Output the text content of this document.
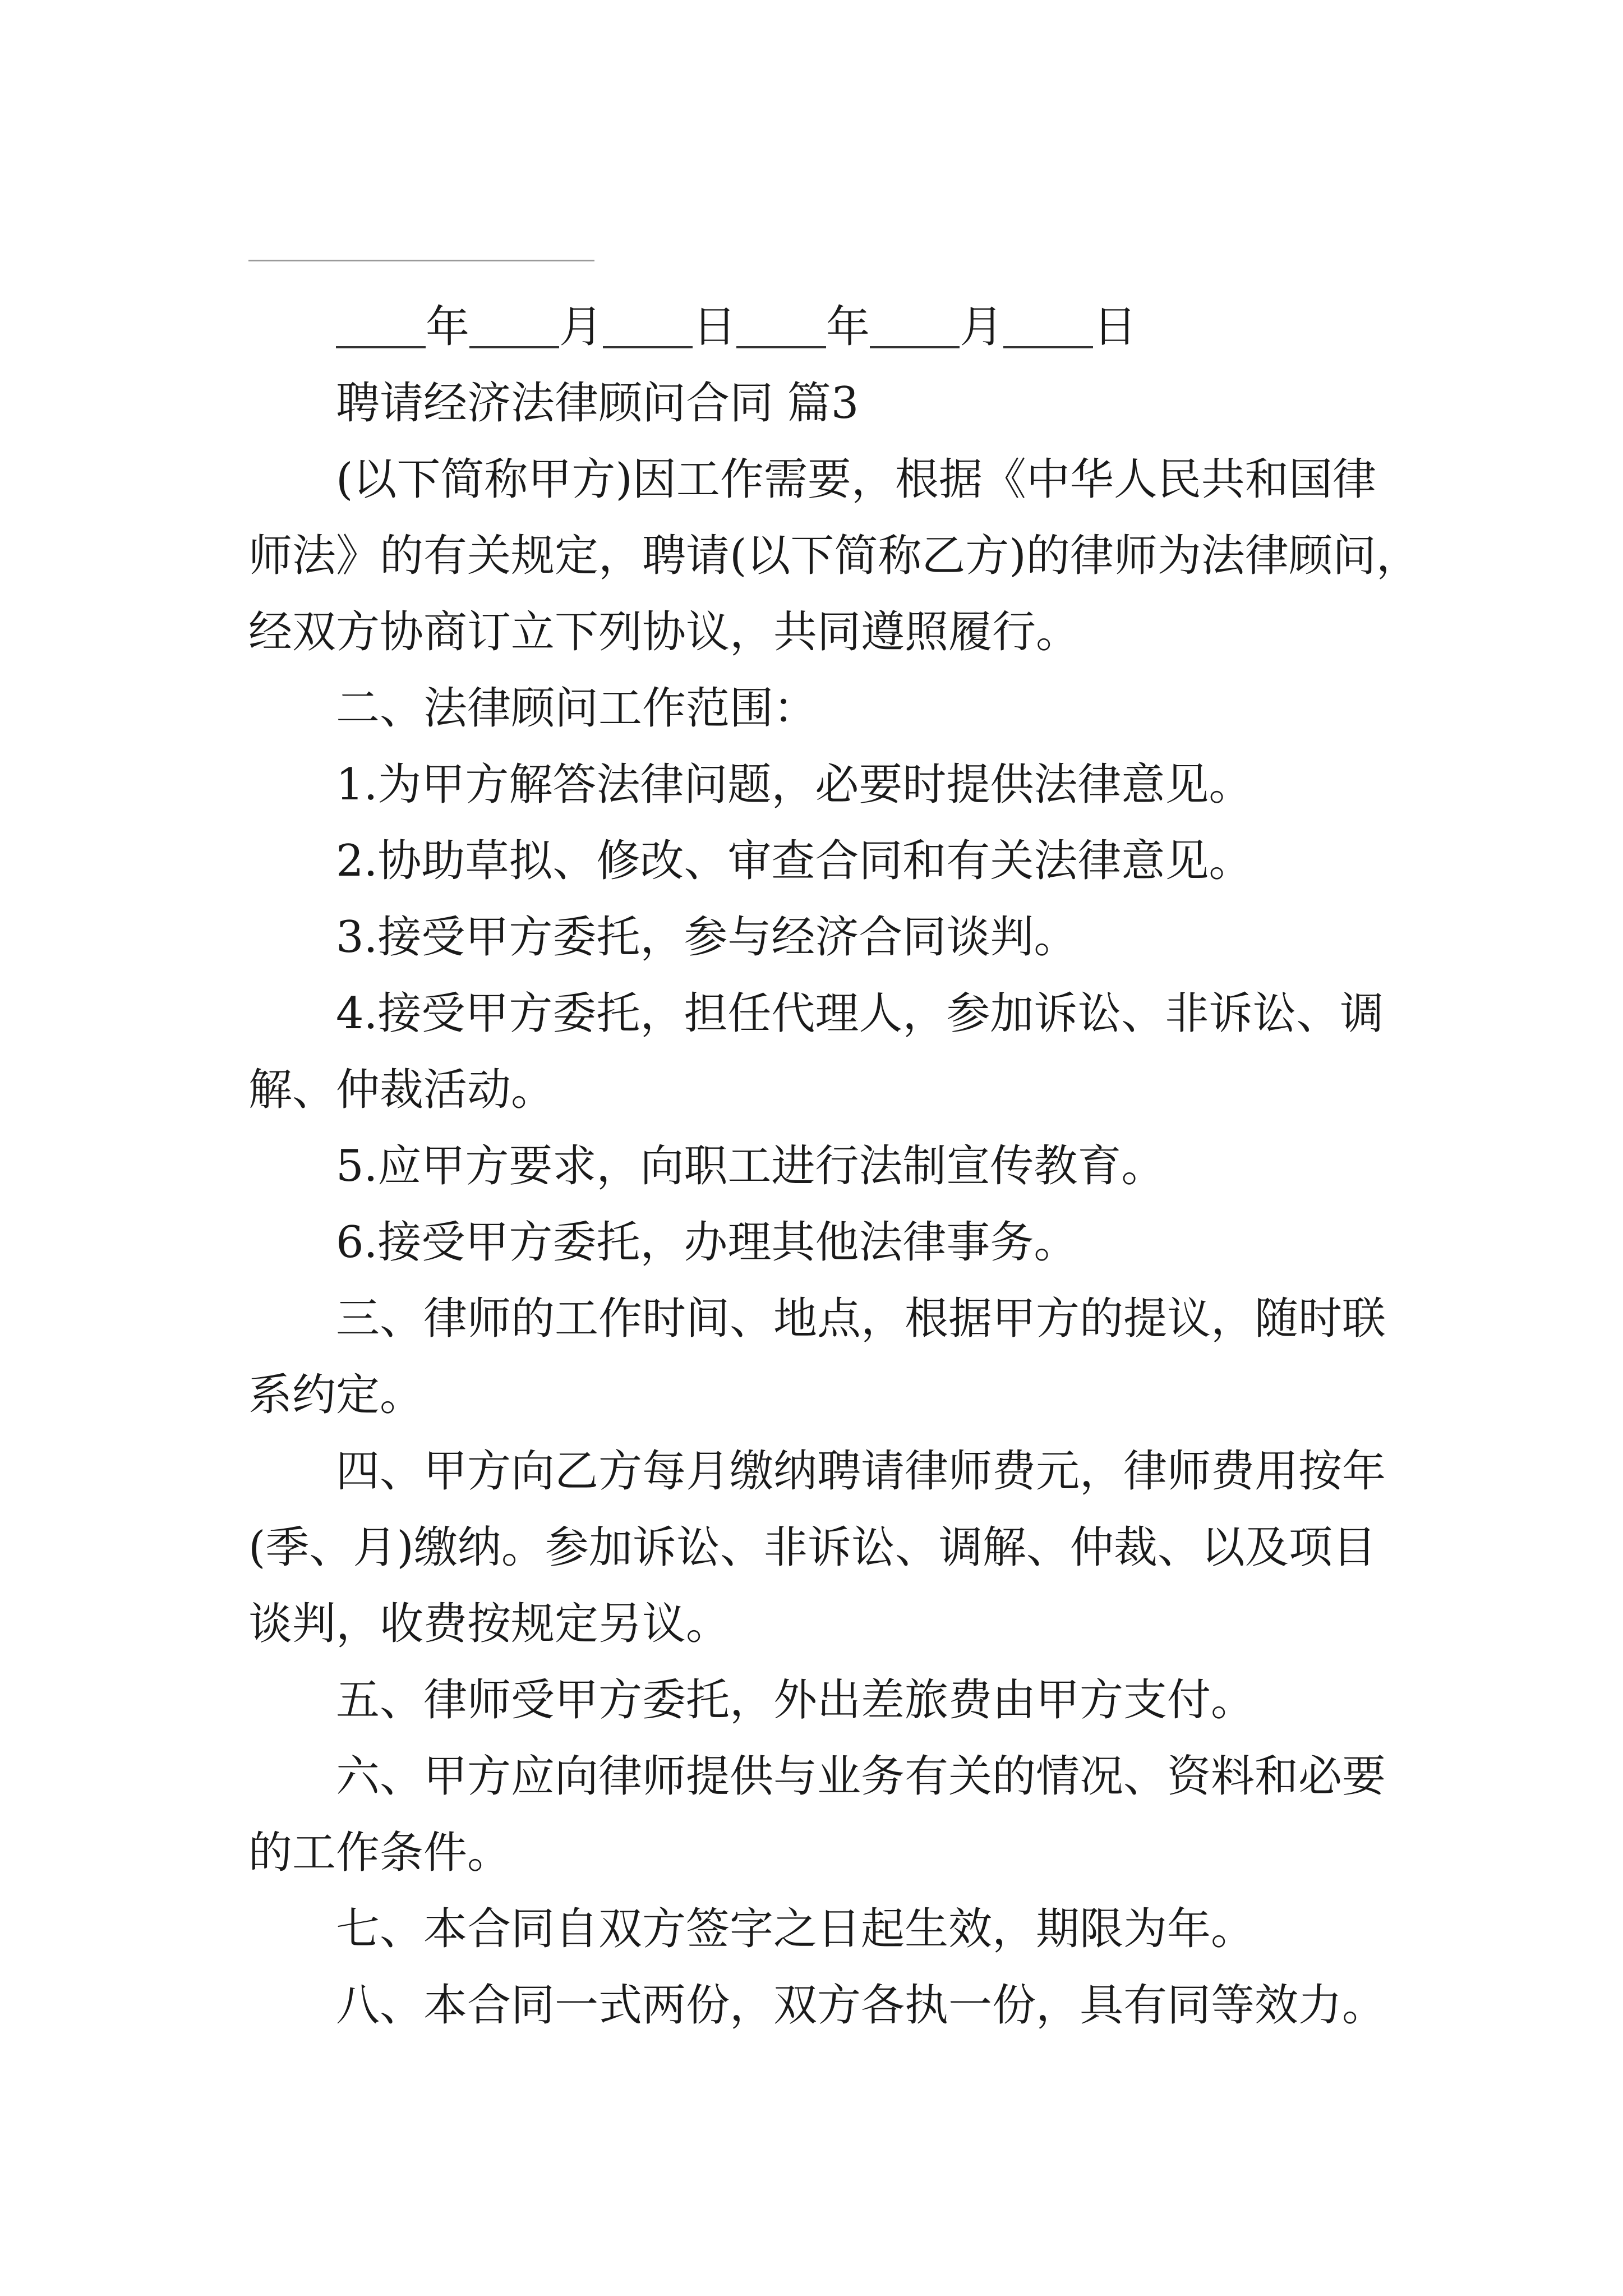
年 月 日 年 月 日

聘请经济法律顾问合同 篇3

(以下简称甲方)因工作需要，根据《中华人民共和国律

师法》的有关规定，聘请(以下简称乙方)的律师为法律顾问，

经双方协商订立下列协议，共同遵照履行。

二、法律顾问工作范围：

1.为甲方解答法律问题，必要时提供法律意见。

2.协助草拟、修改、审查合同和有关法律意见。

3.接受甲方委托，参与经济合同谈判。

4.接受甲方委托，担任代理人，参加诉讼、非诉讼、调

解、仲裁活动。

5.应甲方要求，向职工进行法制宣传教育。

6.接受甲方委托，办理其他法律事务。

三、律师的工作时间、地点，根据甲方的提议，随时联

系约定。

四、甲方向乙方每月缴纳聘请律师费元，律师费用按年

(季、月)缴纳。参加诉讼、非诉讼、调解、仲裁、以及项目

谈判，收费按规定另议。

五、律师受甲方委托，外出差旅费由甲方支付。

六、甲方应向律师提供与业务有关的情况、资料和必要

的工作条件。

七、本合同自双方签字之日起生效，期限为年。

八、本合同一式两份，双方各执一份，具有同等效力。
